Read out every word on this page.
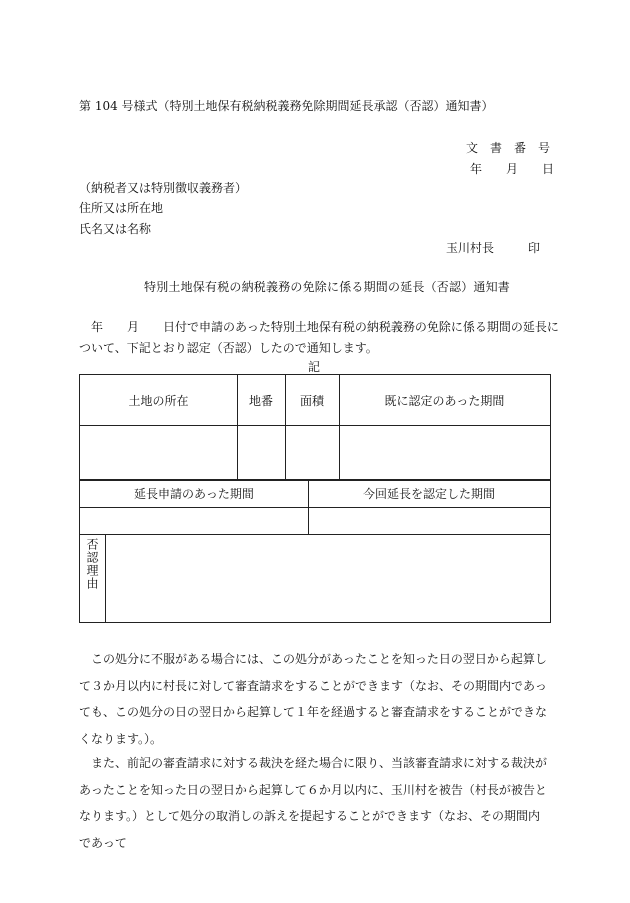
第 104 号様式（特別土地保有税納税義務免除期間延長承認（否認）通知書）
文　書　番　号
年　　月　　日
（納税者又は特別徴収義務者）
住所又は所在地
氏名又は名称
玉川村長	印
特別土地保有税の納税義務の免除に係る期間の延長（否認）通知書
　年　　月　　日付で申請のあった特別土地保有税の納税義務の免除に係る期間の延長に
ついて、下記とおり認定（否認）したので通知します。
記
土地の所在	地番	面積	既に認定のあった期間
延長申請のあった期間	今回延長を認定した期間
否認理由

この処分に不服がある場合には、この処分があったことを知った日の翌日から起算して３か月以内に村長に対して審査請求をすることができます（なお、その期間内であっても、この処分の日の翌日から起算して１年を経過すると審査請求をすることができなくなります。）。

また、前記の審査請求に対する裁決を経た場合に限り、当該審査請求に対する裁決があったことを知った日の翌日から起算して６か月以内に、玉川村を被告（村長が被告となります。）として処分の取消しの訴えを提起することができます（なお、その期間内であって
